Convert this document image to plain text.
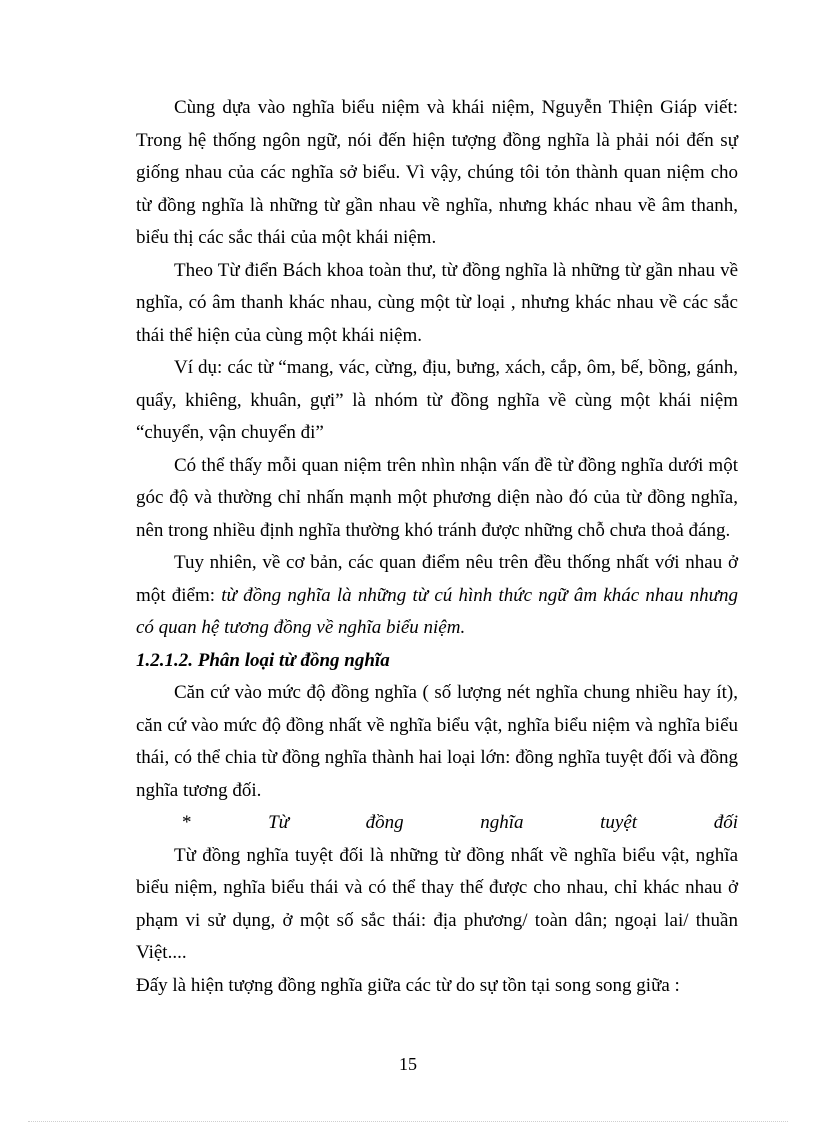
Cùng dựa vào nghĩa biểu niệm và khái niệm, Nguyễn Thiện Giáp viết: Trong hệ thống ngôn ngữ, nói đến hiện tượng đồng nghĩa là phải nói đến sự giống nhau của các nghĩa sở biểu. Vì vậy, chúng tôi tỏn thành quan niệm cho từ đồng nghĩa là những từ gần nhau về nghĩa, nhưng khác nhau về âm thanh, biểu thị các sắc thái của một khái niệm.

Theo Từ điển Bách khoa toàn thư, từ đồng nghĩa là những từ gần nhau về nghĩa, có âm thanh khác nhau, cùng một từ loại , nhưng khác nhau về các sắc thái thể hiện của cùng một khái niệm.

Ví dụ: các từ “mang, vác, cừng, địu, bưng, xách, cắp, ôm, bế, bồng, gánh, quẩy, khiêng, khuân, gựi” là nhóm từ đồng nghĩa về cùng một khái niệm “chuyển, vận chuyển đi”

Có thể thấy mỗi quan niệm trên nhìn nhận vấn đề từ đồng nghĩa dưới một góc độ và thường chỉ nhấn mạnh một phương diện nào đó của từ đồng nghĩa, nên trong nhiều định nghĩa thường khó tránh được những chỗ chưa thoả đáng.

Tuy nhiên, về cơ bản, các quan điểm nêu trên đều thống nhất với nhau ở một điểm: từ đồng nghĩa là những từ cú hình thức ngữ âm khác nhau nhưng có quan hệ tương đồng về nghĩa biểu niệm.

1.2.1.2. Phân loại từ đồng nghĩa

Căn cứ vào mức độ đồng nghĩa ( số lượng nét nghĩa chung nhiều hay ít), căn cứ vào mức độ đồng nhất về nghĩa biểu vật, nghĩa biểu niệm và nghĩa biểu thái, có thể chia từ đồng nghĩa thành hai loại lớn: đồng nghĩa tuyệt đối và đồng nghĩa tương đối.

*	Từ	đồng	nghĩa	tuyệt	đối

Từ đồng nghĩa tuyệt đối là những từ đồng nhất về nghĩa biểu vật, nghĩa biểu niệm, nghĩa biểu thái và có thể thay thế được cho nhau, chỉ khác nhau ở phạm vi sử dụng, ở một số sắc thái: địa phương/ toàn dân; ngoại lai/ thuần Việt....

Đấy là hiện tượng đồng nghĩa giữa các từ do sự tồn tại song song giữa :

15
